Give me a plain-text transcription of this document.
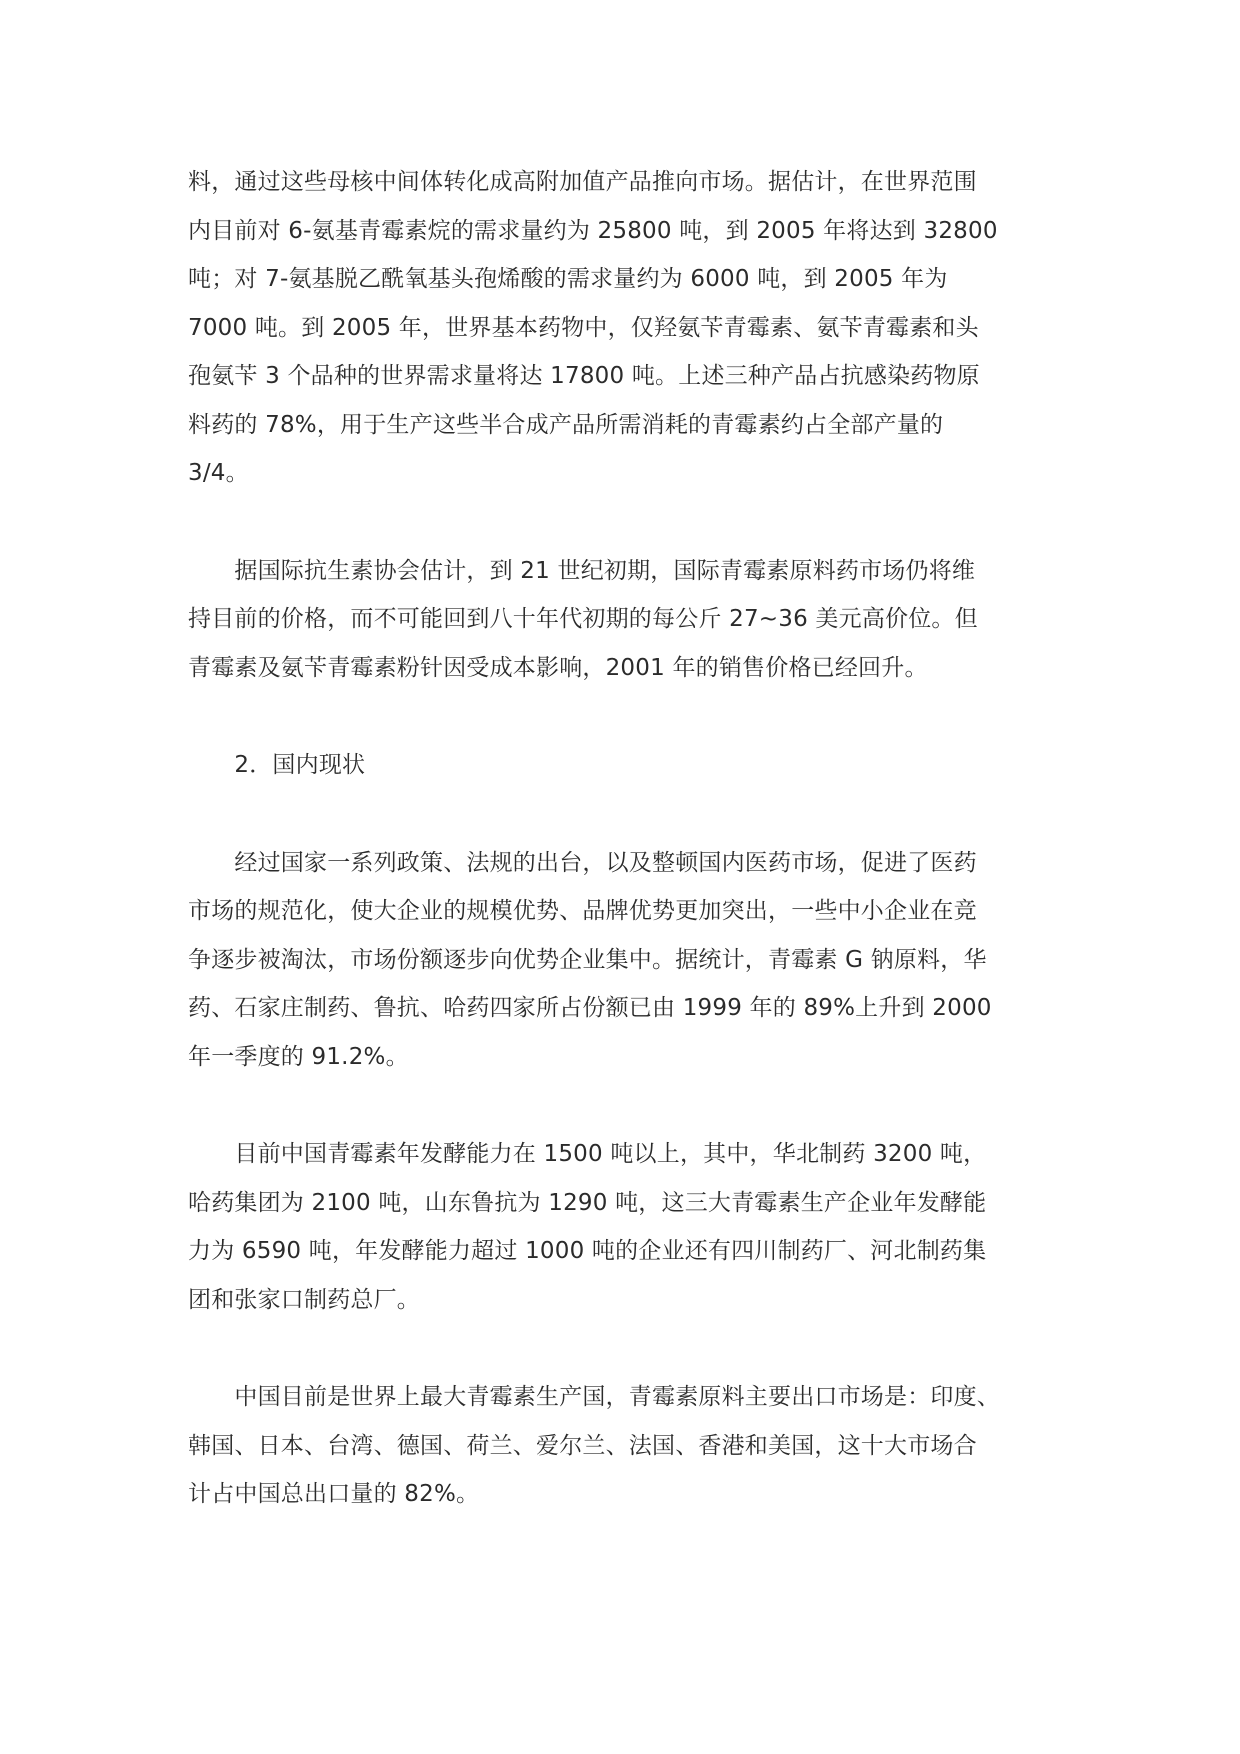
料，通过这些母核中间体转化成高附加值产品推向市场。据估计，在世界范围
内目前对 6-氨基青霉素烷的需求量约为 25800 吨，到 2005 年将达到 32800
吨；对 7-氨基脱乙酰氧基头孢烯酸的需求量约为 6000 吨，到 2005 年为
7000 吨。到 2005 年，世界基本药物中，仅羟氨苄青霉素、氨苄青霉素和头
孢氨苄 3 个品种的世界需求量将达 17800 吨。上述三种产品占抗感染药物原
料药的 78%，用于生产这些半合成产品所需消耗的青霉素约占全部产量的
3/4。
　　据国际抗生素协会估计，到 21 世纪初期，国际青霉素原料药市场仍将维
持目前的价格，而不可能回到八十年代初期的每公斤 27~36 美元高价位。但
青霉素及氨苄青霉素粉针因受成本影响，2001 年的销售价格已经回升。
　　2．国内现状
　　经过国家一系列政策、法规的出台，以及整顿国内医药市场，促进了医药
市场的规范化，使大企业的规模优势、品牌优势更加突出，一些中小企业在竞
争逐步被淘汰，市场份额逐步向优势企业集中。据统计，青霉素 G 钠原料，华
药、石家庄制药、鲁抗、哈药四家所占份额已由 1999 年的 89%上升到 2000
年一季度的 91.2%。
　　目前中国青霉素年发酵能力在 1500 吨以上，其中，华北制药 3200 吨，
哈药集团为 2100 吨，山东鲁抗为 1290 吨，这三大青霉素生产企业年发酵能
力为 6590 吨，年发酵能力超过 1000 吨的企业还有四川制药厂、河北制药集
团和张家口制药总厂。
　　中国目前是世界上最大青霉素生产国，青霉素原料主要出口市场是：印度、
韩国、日本、台湾、德国、荷兰、爱尔兰、法国、香港和美国，这十大市场合
计占中国总出口量的 82%。
